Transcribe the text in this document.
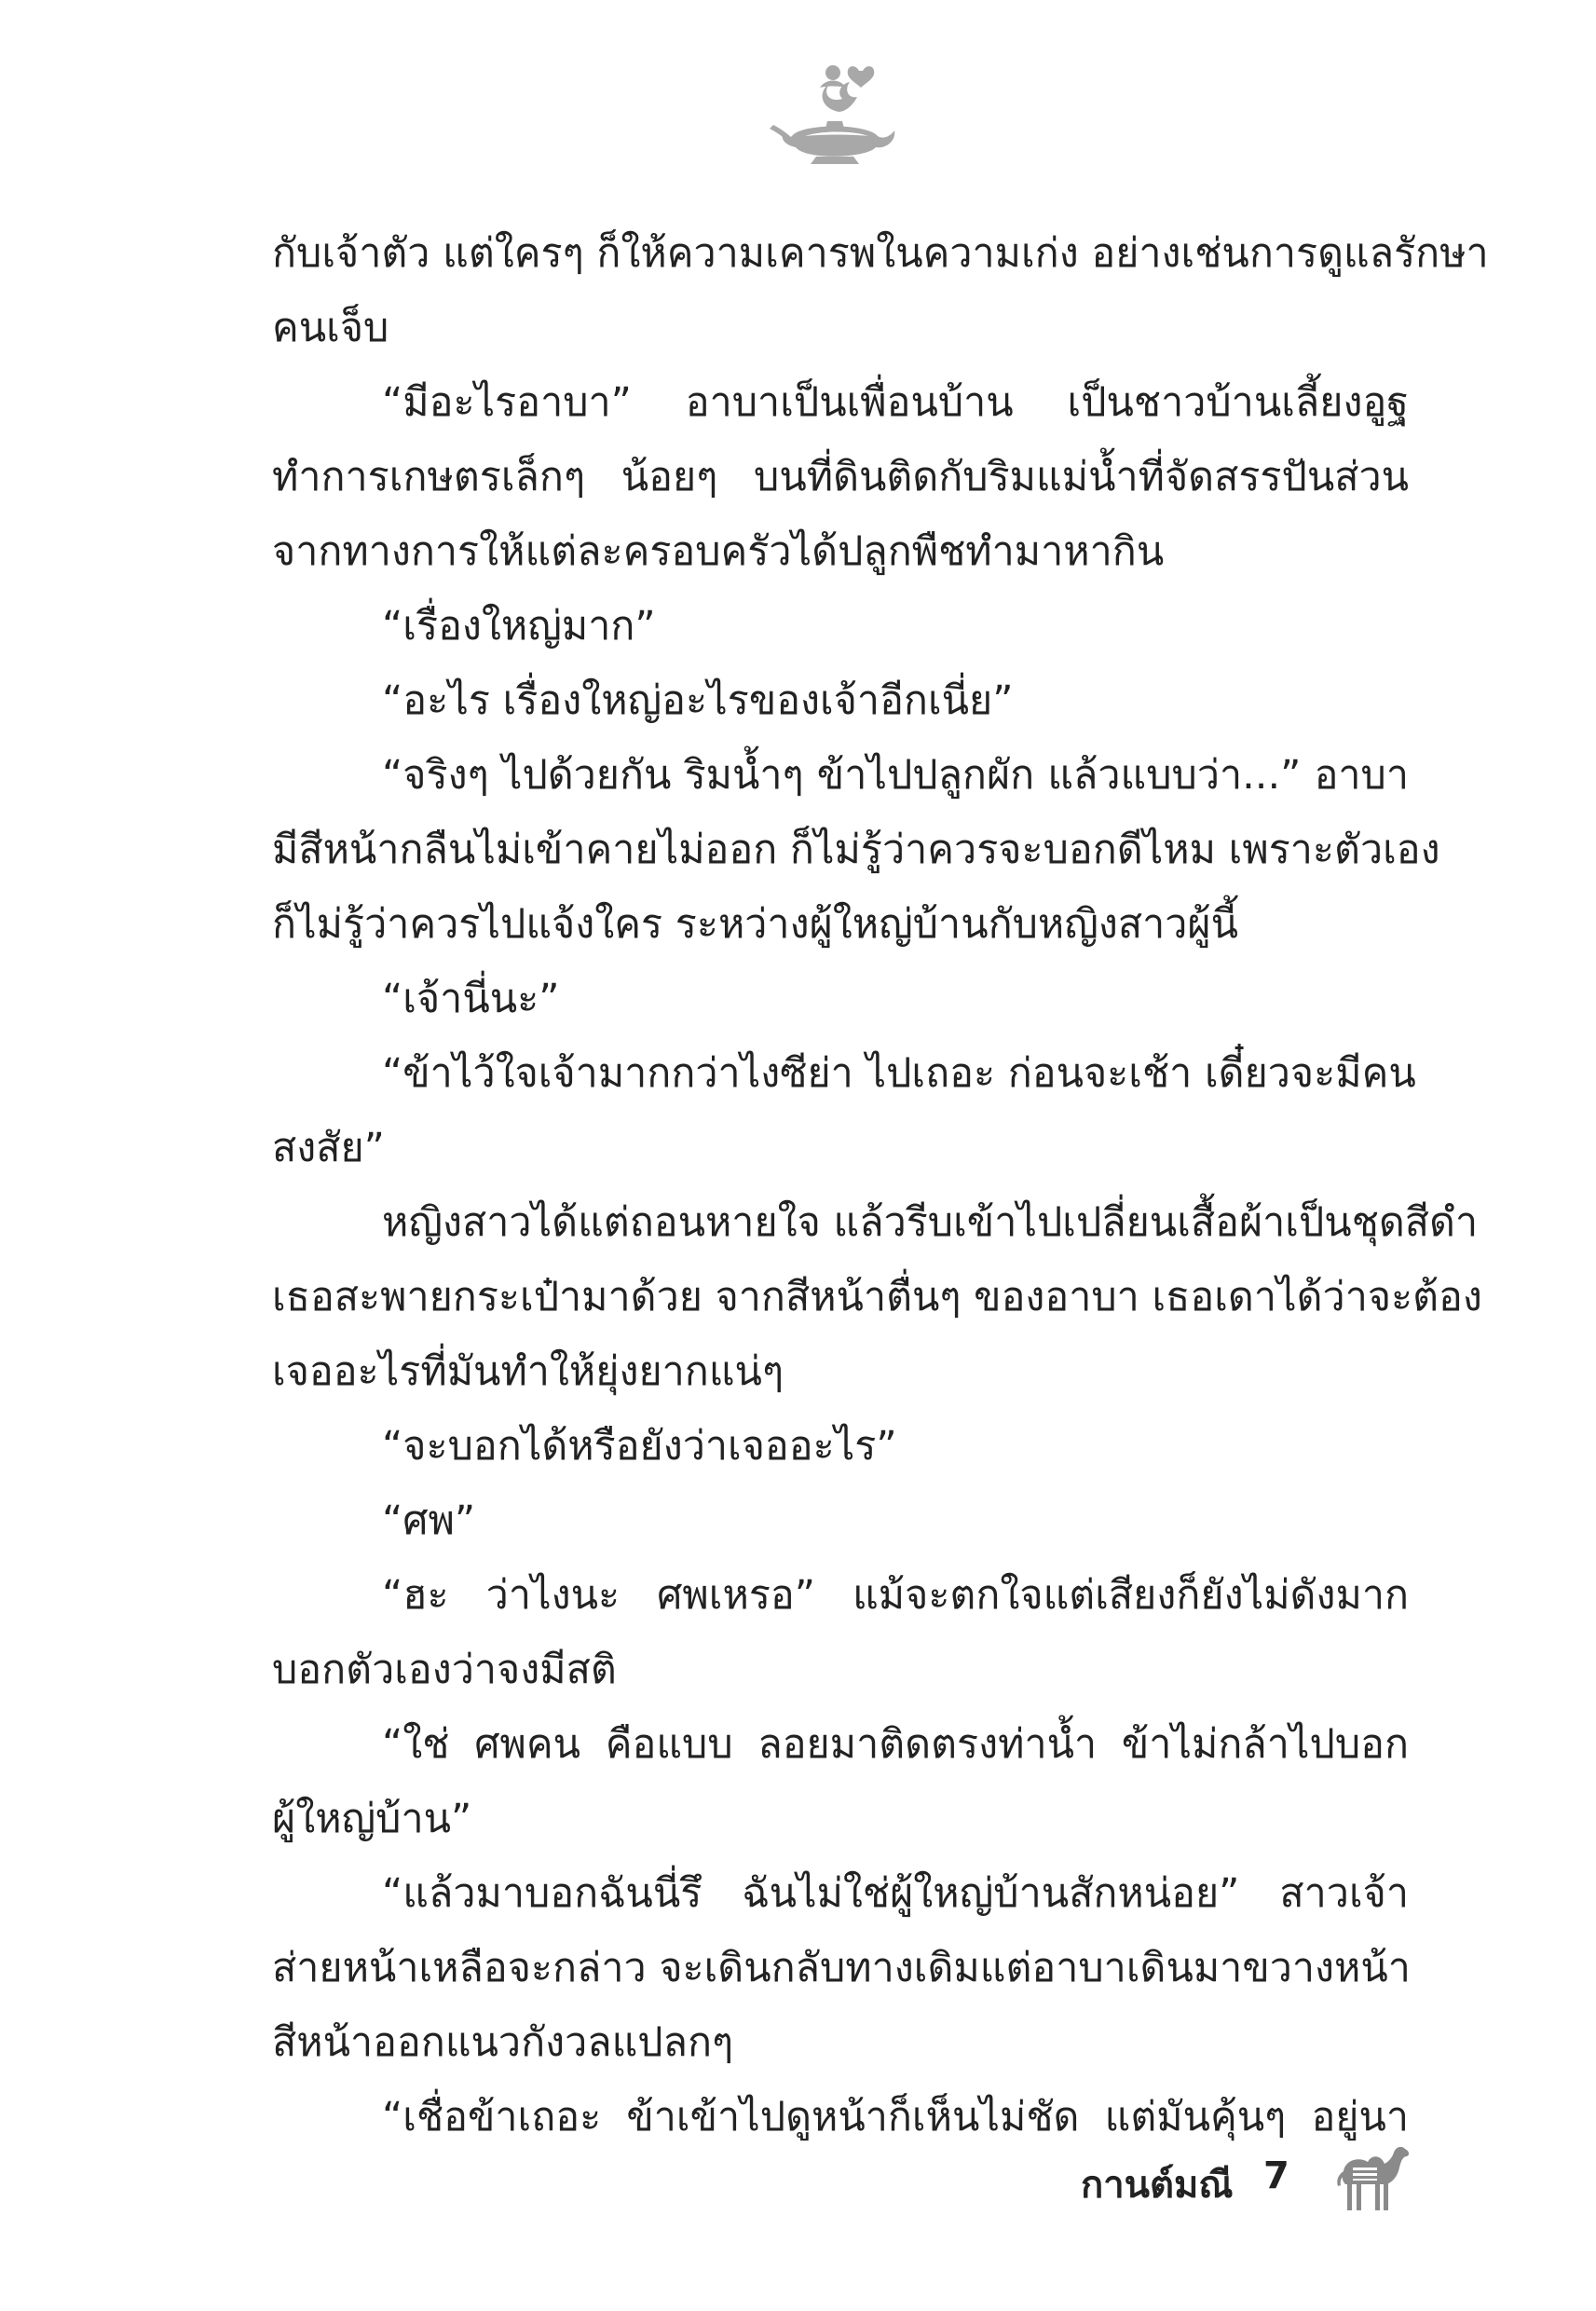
กับเจ้าตัว แต่ใครๆ ก็ให้ความเคารพในความเก่ง อย่างเช่นการดูแลรักษา
คนเจ็บ
“มีอะไรอาบา” อาบาเป็นเพื่อนบ้าน เป็นชาวบ้านเลี้ยงอูฐ
ทำการเกษตรเล็กๆ น้อยๆ บนที่ดินติดกับริมแม่น้ำที่จัดสรรปันส่วน
จากทางการให้แต่ละครอบครัวได้ปลูกพืชทำมาหากิน
“เรื่องใหญ่มาก”
“อะไร เรื่องใหญ่อะไรของเจ้าอีกเนี่ย”
“จริงๆ ไปด้วยกัน ริมน้ำๆ ข้าไปปลูกผัก แล้วแบบว่า...” อาบา
มีสีหน้ากลืนไม่เข้าคายไม่ออก ก็ไม่รู้ว่าควรจะบอกดีไหม เพราะตัวเอง
ก็ไม่รู้ว่าควรไปแจ้งใคร ระหว่างผู้ใหญ่บ้านกับหญิงสาวผู้นี้
“เจ้านี่นะ”
“ข้าไว้ใจเจ้ามากกว่าไงซีย่า ไปเถอะ ก่อนจะเช้า เดี๋ยวจะมีคน
สงสัย”
หญิงสาวได้แต่ถอนหายใจ แล้วรีบเข้าไปเปลี่ยนเสื้อผ้าเป็นชุดสีดำ
เธอสะพายกระเป๋ามาด้วย จากสีหน้าตื่นๆ ของอาบา เธอเดาได้ว่าจะต้อง
เจออะไรที่มันทำให้ยุ่งยากแน่ๆ
“จะบอกได้หรือยังว่าเจออะไร”
“ศพ”
“ฮะ ว่าไงนะ ศพเหรอ” แม้จะตกใจแต่เสียงก็ยังไม่ดังมาก
บอกตัวเองว่าจงมีสติ
“ใช่ ศพคน คือแบบ ลอยมาติดตรงท่าน้ำ ข้าไม่กล้าไปบอก
ผู้ใหญ่บ้าน”
“แล้วมาบอกฉันนี่รึ ฉันไม่ใช่ผู้ใหญ่บ้านสักหน่อย” สาวเจ้า
ส่ายหน้าเหลือจะกล่าว จะเดินกลับทางเดิมแต่อาบาเดินมาขวางหน้า
สีหน้าออกแนวกังวลแปลกๆ
“เชื่อข้าเถอะ ข้าเข้าไปดูหน้าก็เห็นไม่ชัด แต่มันคุ้นๆ อยู่นา
กานต์มณี 7
